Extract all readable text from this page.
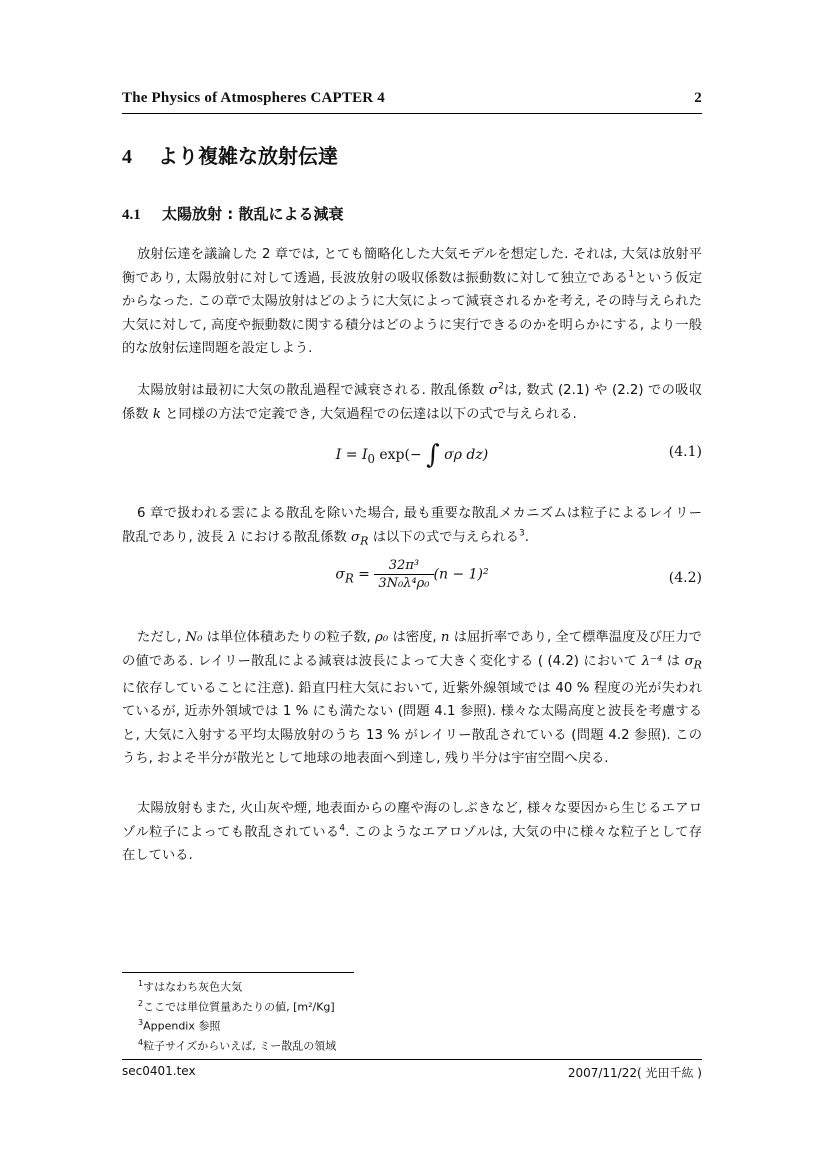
The Physics of Atmospheres CAPTER 4	2
4 より複雑な放射伝達
4.1 太陽放射 : 散乱による減衰

放射伝達を議論した 2 章では, とても簡略化した大気モデルを想定した. それは, 大気は放射平衡であり, 太陽放射に対して透過, 長波放射の吸収係数は振動数に対して独立である$^1$という仮定からなった. この章で太陽放射はどのように大気によって減衰されるかを考え, その時与えられた大気に対して, 高度や振動数に関する積分はどのように実行できるのかを明らかにする, より一般的な放射伝達問題を設定しよう.

太陽放射は最初に大気の散乱過程で減衰される. 散乱係数 $\sigma^2$は, 数式 (2.1) や (2.2) での吸収係数 k と同様の方法で定義でき, 大気過程での伝達は以下の式で与えられる.

$I = I_0$ exp(− ∫ σρ dz)	(4.1)

6 章で扱われる雲による散乱を除いた場合, 最も重要な散乱メカニズムは粒子によるレイリー散乱であり, 波長 λ における散乱係数 $\sigma_R$ は以下の式で与えられる$^3$.

$\sigma_R = \frac{\text{32π³}}{\text{3N₀λ⁴ρ₀}} (n - 1)^2$	(4.2)

ただし, N₀ は単位体積あたりの粒子数, ρ₀ は密度, n は屈折率であり, 全て標準温度及び圧力での値である. レイリー散乱による減衰は波長によって大きく変化する ( (4.2) において λ⁻⁴ は $\sigma_R$ に依存していることに注意). 鉛直円柱大気において, 近紫外線領域では 40 % 程度の光が失われているが, 近赤外領域では 1 % にも満たない (問題 4.1 参照). 様々な太陽高度と波長を考慮すると, 大気に入射する平均太陽放射のうち 13 % がレイリー散乱されている (問題 4.2 参照). このうち, およそ半分が散光として地球の地表面へ到達し, 残り半分は宇宙空間へ戻る.

太陽放射もまた, 火山灰や煙, 地表面からの塵や海のしぶきなど, 様々な要因から生じるエアロゾル粒子によっても散乱されている$^4$. このようなエアロゾルは, 大気の中に様々な粒子として存在している.

$^1$すはなわち灰色大気
$^2$ここでは単位質量あたりの値, [m²/Kg]
$^3$Appendix 参照
$^4$粒子サイズからいえば, ミー散乱の領域
sec0401.tex	2007/11/22( 光田千紘 )
